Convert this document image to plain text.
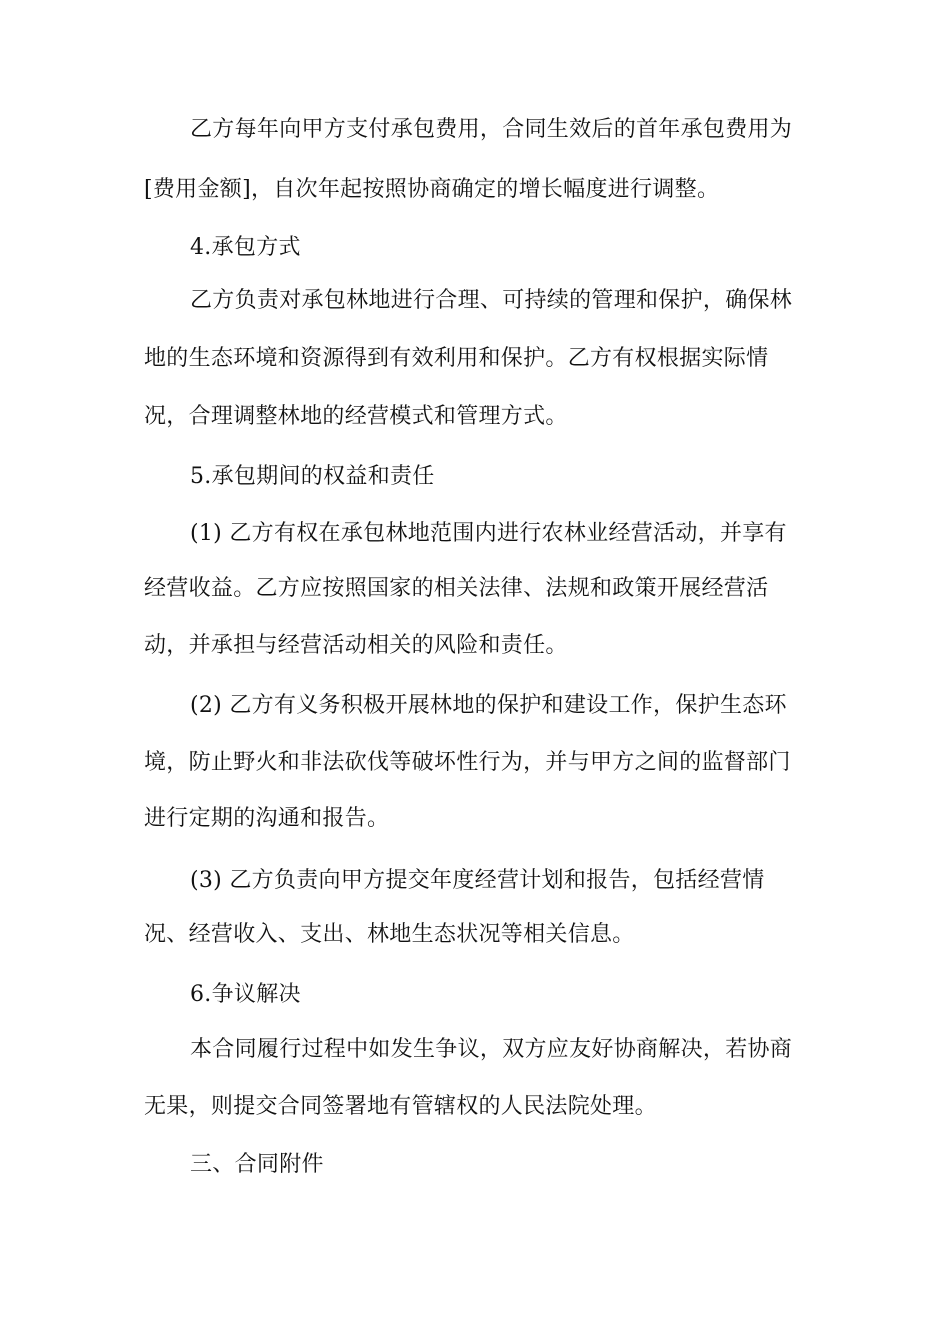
乙方每年向甲方支付承包费用，合同生效后的首年承包费用为
[费用金额]，自次年起按照协商确定的增长幅度进行调整。
4.承包方式
乙方负责对承包林地进行合理、可持续的管理和保护，确保林
地的生态环境和资源得到有效利用和保护。乙方有权根据实际情
况，合理调整林地的经营模式和管理方式。
5.承包期间的权益和责任
(1) 乙方有权在承包林地范围内进行农林业经营活动，并享有
经营收益。乙方应按照国家的相关法律、法规和政策开展经营活
动，并承担与经营活动相关的风险和责任。
(2) 乙方有义务积极开展林地的保护和建设工作，保护生态环
境，防止野火和非法砍伐等破坏性行为，并与甲方之间的监督部门
进行定期的沟通和报告。
(3) 乙方负责向甲方提交年度经营计划和报告，包括经营情
况、经营收入、支出、林地生态状况等相关信息。
6.争议解决
本合同履行过程中如发生争议，双方应友好协商解决，若协商
无果，则提交合同签署地有管辖权的人民法院处理。
三、合同附件
